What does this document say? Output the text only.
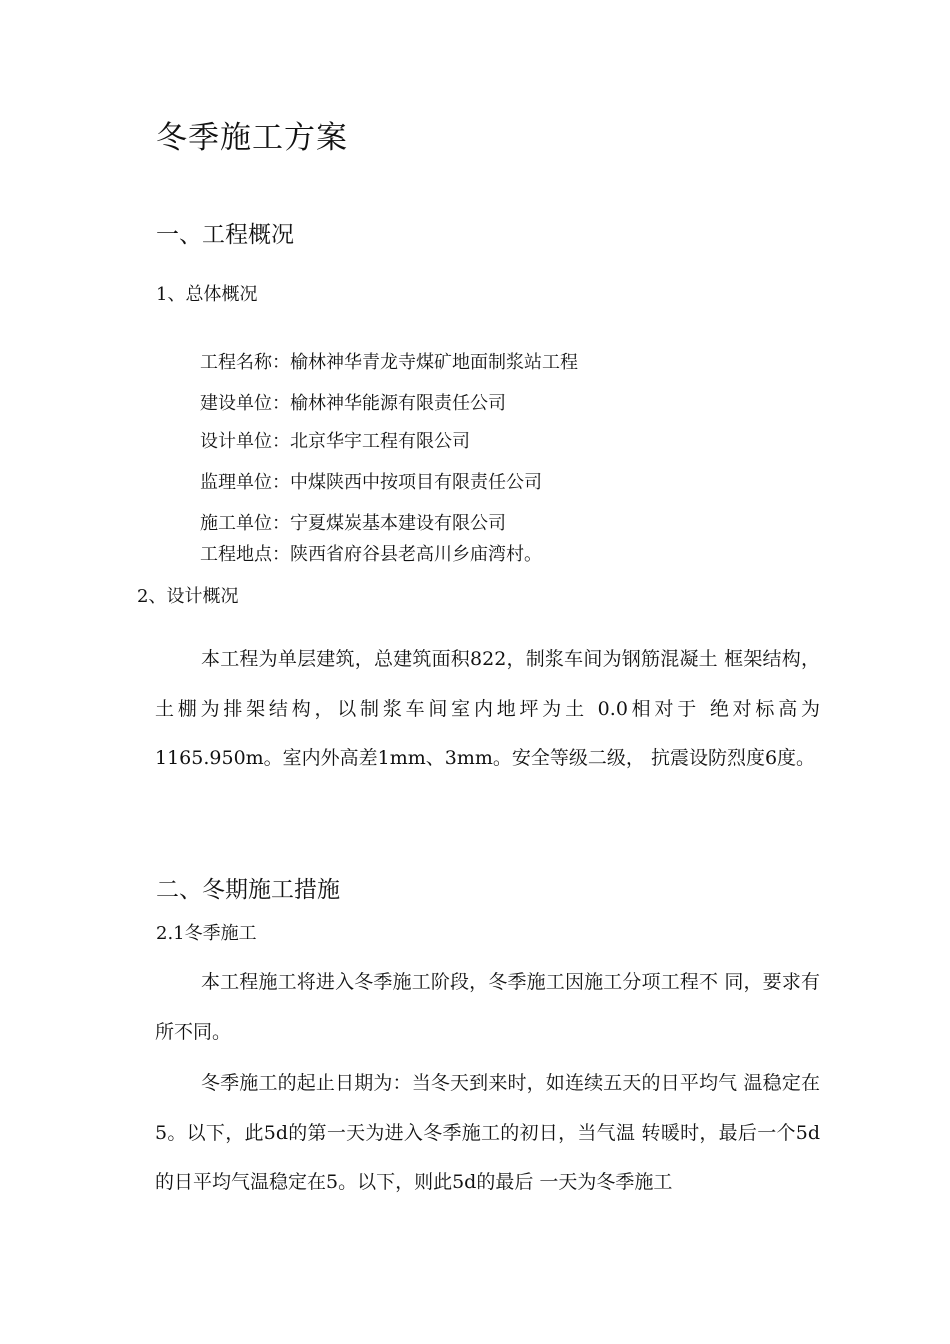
冬季施工方案
一、工程概况
1、总体概况
工程名称：榆林神华青龙寺煤矿地面制浆站工程
建设单位：榆林神华能源有限责任公司
设计单位：北京华宇工程有限公司
监理单位：中煤陕西中按项目有限责任公司
施工单位：宁夏煤炭基本建设有限公司
工程地点：陕西省府谷县老高川乡庙湾村。
2、设计概况

本工程为单层建筑，总建筑面积822，制浆车间为钢筋混凝土 框架结构，土棚为排架结构，以制浆车间室内地坪为土 0.0相对于 绝对标高为1165.950m。室内外高差1mm、3mm。安全等级二级， 抗震设防烈度6度。

二、冬期施工措施
2.1冬季施工

本工程施工将进入冬季施工阶段，冬季施工因施工分项工程不 同，要求有所不同。

冬季施工的起止日期为：当冬天到来时，如连续五天的日平均气 温稳定在5。以下，此5d的第一天为进入冬季施工的初日，当气温 转暖时，最后一个5d的日平均气温稳定在5。以下，则此5d的最后 一天为冬季施工
